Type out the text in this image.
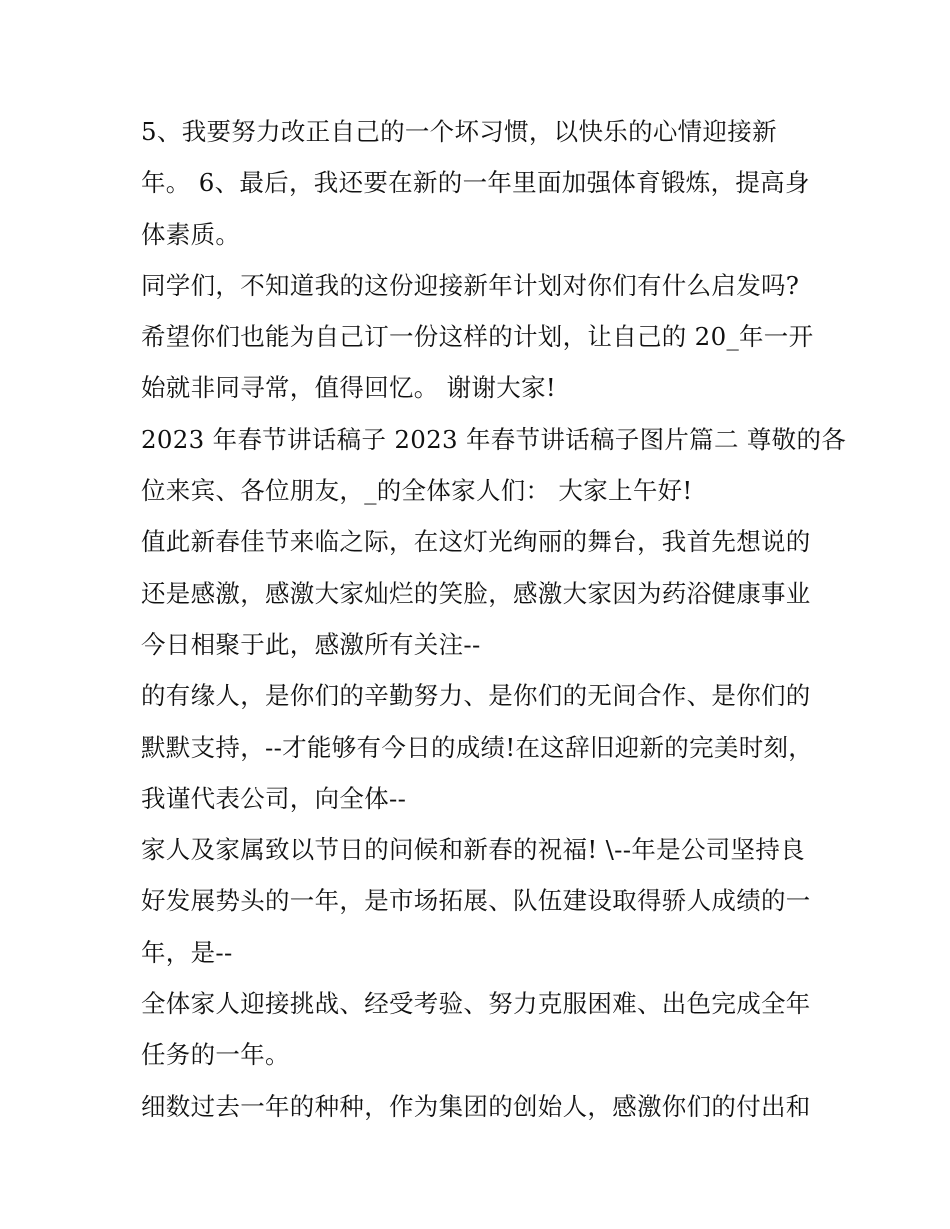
5、我要努力改正自己的一个坏习惯，以快乐的心情迎接新
年。 6、最后，我还要在新的一年里面加强体育锻炼，提高身
体素质。
同学们，不知道我的这份迎接新年计划对你们有什么启发吗?
希望你们也能为自己订一份这样的计划，让自己的 20_年一开
始就非同寻常，值得回忆。 谢谢大家!
2023 年春节讲话稿子 2023 年春节讲话稿子图片篇二 尊敬的各
位来宾、各位朋友，_的全体家人们： 大家上午好!
值此新春佳节来临之际，在这灯光绚丽的舞台，我首先想说的
还是感激，感激大家灿烂的笑脸，感激大家因为药浴健康事业
今日相聚于此，感激所有关注--
的有缘人，是你们的辛勤努力、是你们的无间合作、是你们的
默默支持，--才能够有今日的成绩!在这辞旧迎新的完美时刻，
我谨代表公司，向全体--
家人及家属致以节日的问候和新春的祝福! \--年是公司坚持良
好发展势头的一年，是市场拓展、队伍建设取得骄人成绩的一
年，是--
全体家人迎接挑战、经受考验、努力克服困难、出色完成全年
任务的一年。
细数过去一年的种种，作为集团的创始人，感激你们的付出和
